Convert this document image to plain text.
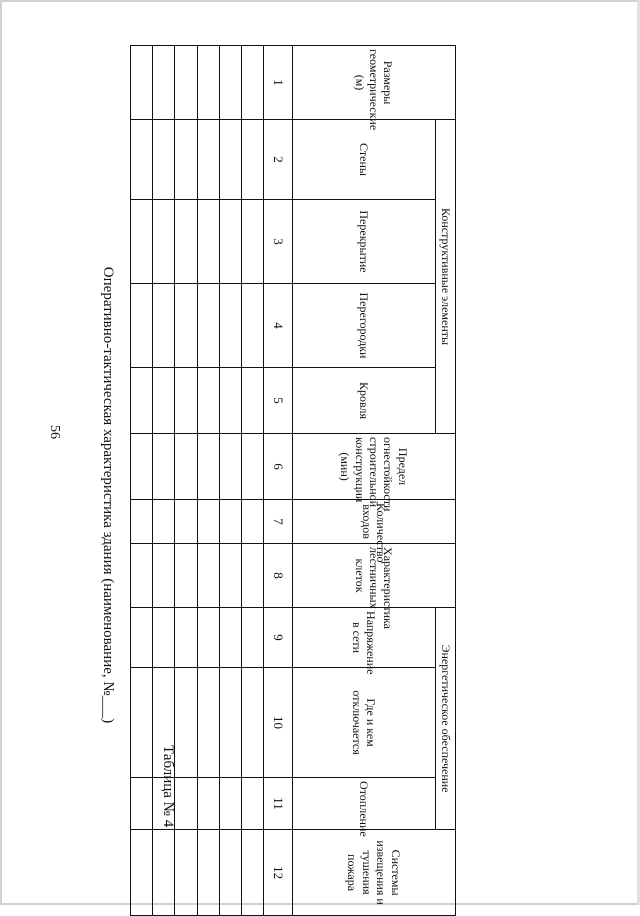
56
Таблица № 4
Оперативно-тактическая характеристика здания (наименование, №___)
Размеры геометрические (м)	Конструктивные элементы				Предел огнестойкости строительной конструкции (мин)	Количество входов	Характеристика лестничных клеток	Энергетическое обеспечение			Системы извещения и тушения пожара

	Стены	Перекрытие	Перегородки	Кровля				Напряжение в сети	Где и кем отключается	Отопление	

1	2	3	4	5	6	7	8	9	10	11	12
